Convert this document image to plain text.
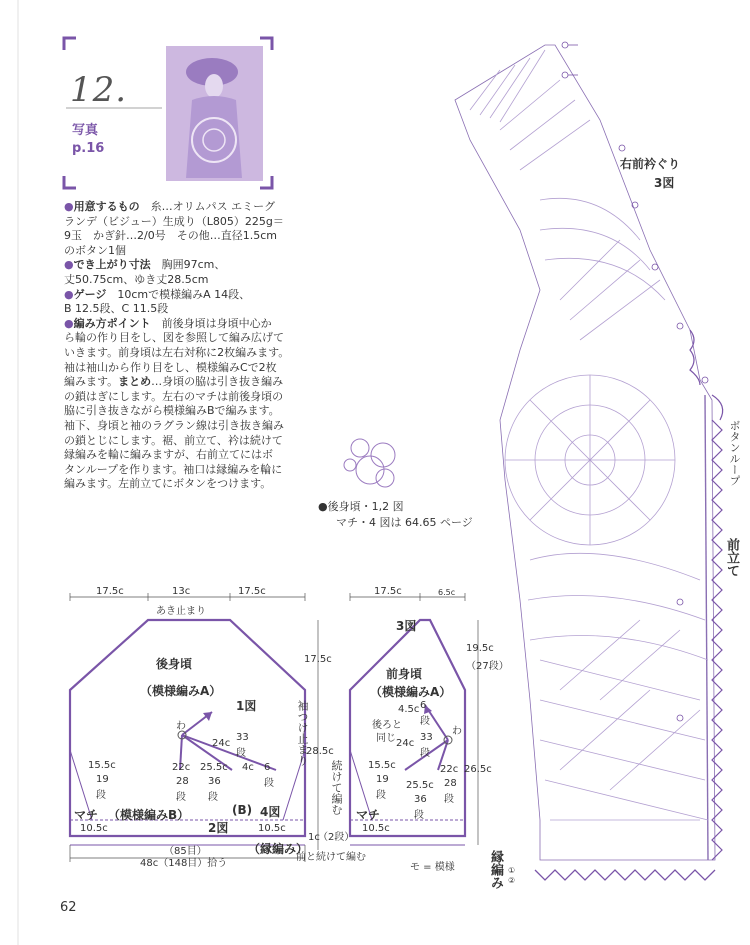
12.
写真
p.16
●用意するもの　 糸…オリムパス エミーグ
ランデ（ビジュー）生成り（L805）225g＝
9玉　かぎ針…2/0号　その他…直径1.5cm
のボタン1個
●でき上がり寸法　 胸囲97cm、
丈50.75cm、ゆき丈28.5cm
●ゲージ　 10cmで模様編みA 14段、
B 12.5段、C 11.5段
●編み方ポイント　 前後身頃は身頃中心か
ら輪の作り目をし、図を参照して編み広げて
いきます。前身頃は左右対称に2枚編みます。
袖は袖山から作り目をし、模様編みCで2枚
編みます。まとめ…身頃の脇は引き抜き編み
の鎖はぎにします。左右のマチは前後身頃の
脇に引き抜きながら模様編みBで編みます。
袖下、身頃と袖のラグラン線は引き抜き編み
の鎖とじにします。裾、前立て、衿は続けて
縁編みを輪に編みますが、右前立てにはボ
タンループを作ります。袖口は縁編みを輪に
編みます。左前立てにボタンをつけます。
●後身頃・1,2 図
マチ・4 図は 64.65 ページ
右前衿ぐり
3図
ボタンループ
前立て
縁編み ①
②
17.5c	13c	17.5c
あき止まり
後身頃
（模様編みA）
1図
わ
24c
33
段
22c
28
段
25.5c
36
段
4c 6
段
15.5c
19
段
マチ （模様編みB）	(B) 4図
2図
10.5c	10.5c
（縁編み）
（85目）
48c（148目）拾う
袖つけ止まり
17.5c
28.5c
1c
（2段）
続けて編む
17.5c	6.5c
3図
前身頃
（模様編みA）
わ
後ろと
同じ
4.5c 6
段
24c
33
段
15.5c
19
段
25.5c
36
段
22c
28
段
マチ
10.5c
19.5c
（27段）
26.5c
前と続けて編む
モ = 模様
62
